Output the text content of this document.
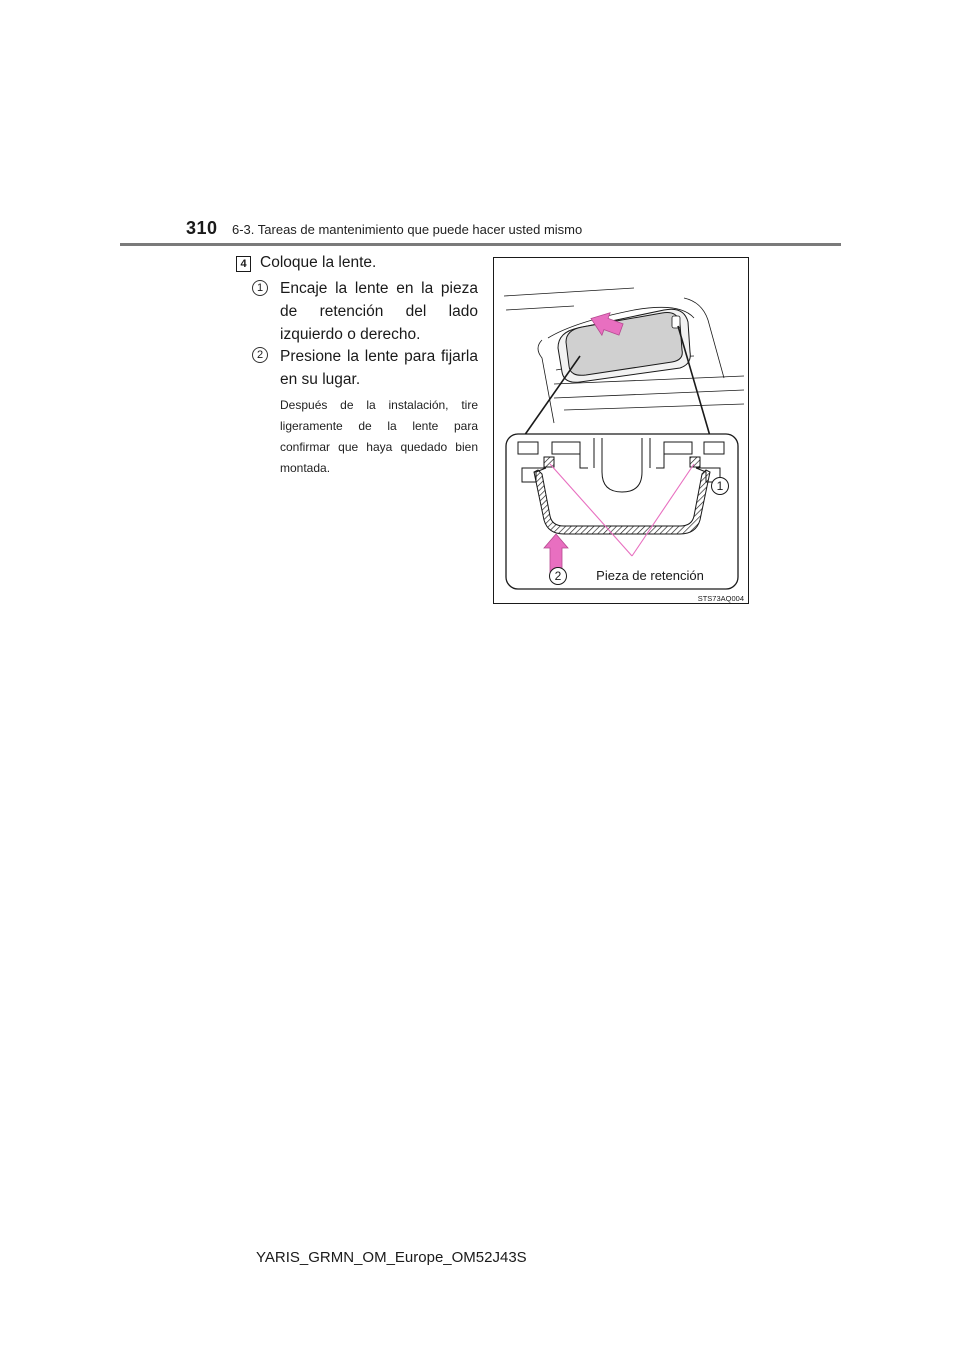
310 6-3. Tareas de mantenimiento que puede hacer usted mismo
4 Coloque la lente.
1	Encaje la lente en la pieza de retención del lado izquierdo o derecho.
2	Presione la lente para fijarla en su lugar.
Después de la instalación, tire ligeramente de la lente para confirmar que haya quedado bien montada.
1
2	Pieza de retención
STS73AQ004
YARIS_GRMN_OM_Europe_OM52J43S
